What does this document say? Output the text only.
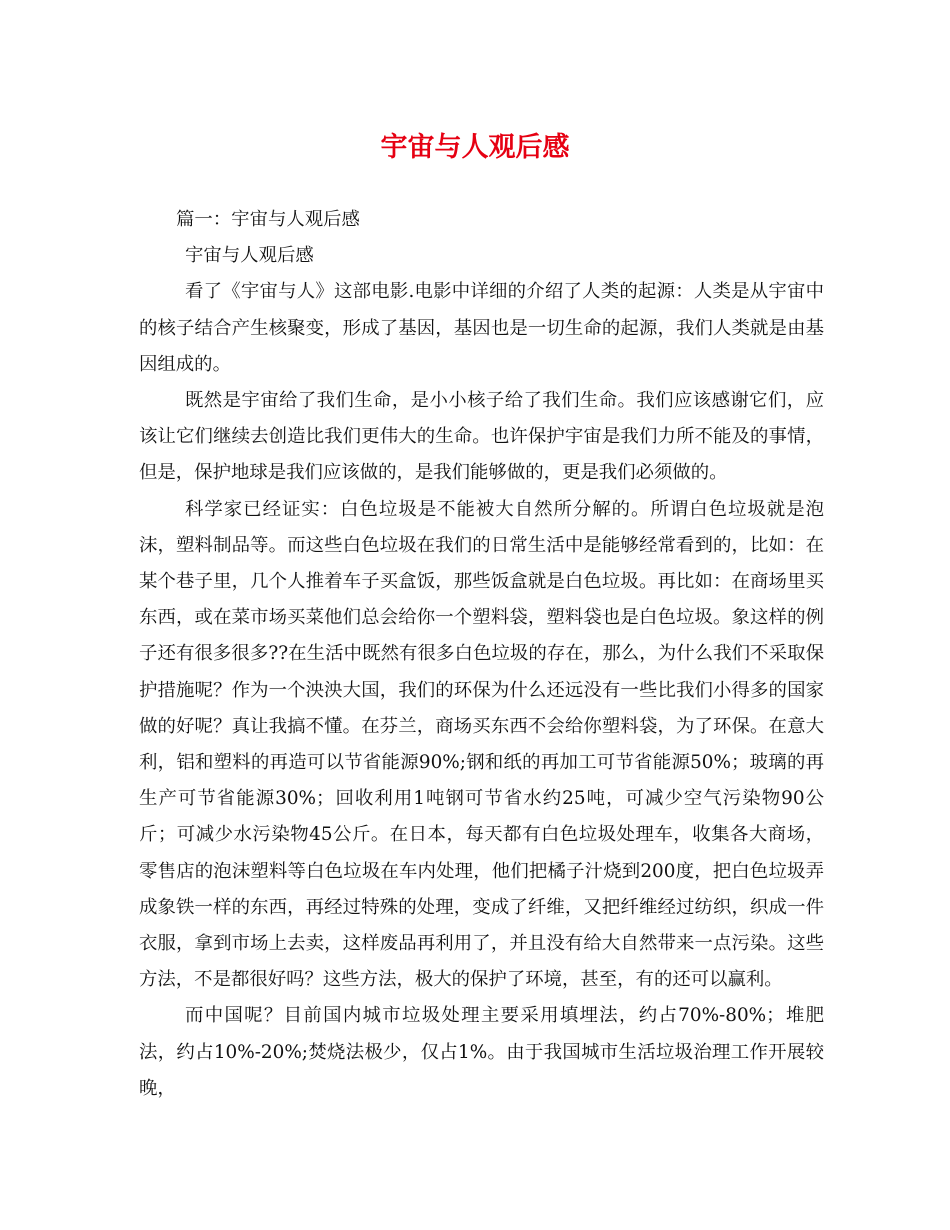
宇宙与人观后感

篇一：宇宙与人观后感

宇宙与人观后感

看了《宇宙与人》这部电影.电影中详细的介绍了人类的起源：人类是从宇宙中的核子结合产生核聚变，形成了基因，基因也是一切生命的起源，我们人类就是由基因组成的。

既然是宇宙给了我们生命，是小小核子给了我们生命。我们应该感谢它们，应该让它们继续去创造比我们更伟大的生命。也许保护宇宙是我们力所不能及的事情，但是，保护地球是我们应该做的，是我们能够做的，更是我们必须做的。

科学家已经证实：白色垃圾是不能被大自然所分解的。所谓白色垃圾就是泡沫，塑料制品等。而这些白色垃圾在我们的日常生活中是能够经常看到的，比如：在某个巷子里，几个人推着车子买盒饭，那些饭盒就是白色垃圾。再比如：在商场里买东西，或在菜市场买菜他们总会给你一个塑料袋，塑料袋也是白色垃圾。象这样的例子还有很多很多??在生活中既然有很多白色垃圾的存在，那么，为什么我们不采取保护措施呢？作为一个泱泱大国，我们的环保为什么还远没有一些比我们小得多的国家做的好呢？真让我搞不懂。在芬兰，商场买东西不会给你塑料袋，为了环保。在意大利，铝和塑料的再造可以节省能源90%;钢和纸的再加工可节省能源50%；玻璃的再生产可节省能源30%；回收利用1吨钢可节省水约25吨，可减少空气污染物90公斤；可减少水污染物45公斤。在日本，每天都有白色垃圾处理车，收集各大商场，零售店的泡沫塑料等白色垃圾在车内处理，他们把橘子汁烧到200度，把白色垃圾弄成象铁一样的东西，再经过特殊的处理，变成了纤维，又把纤维经过纺织，织成一件衣服，拿到市场上去卖，这样废品再利用了，并且没有给大自然带来一点污染。这些方法，不是都很好吗？这些方法，极大的保护了环境，甚至，有的还可以赢利。

而中国呢？目前国内城市垃圾处理主要采用填埋法，约占70%-80%；堆肥法，约占10%-20%;焚烧法极少，仅占1%。由于我国城市生活垃圾治理工作开展较晚，
